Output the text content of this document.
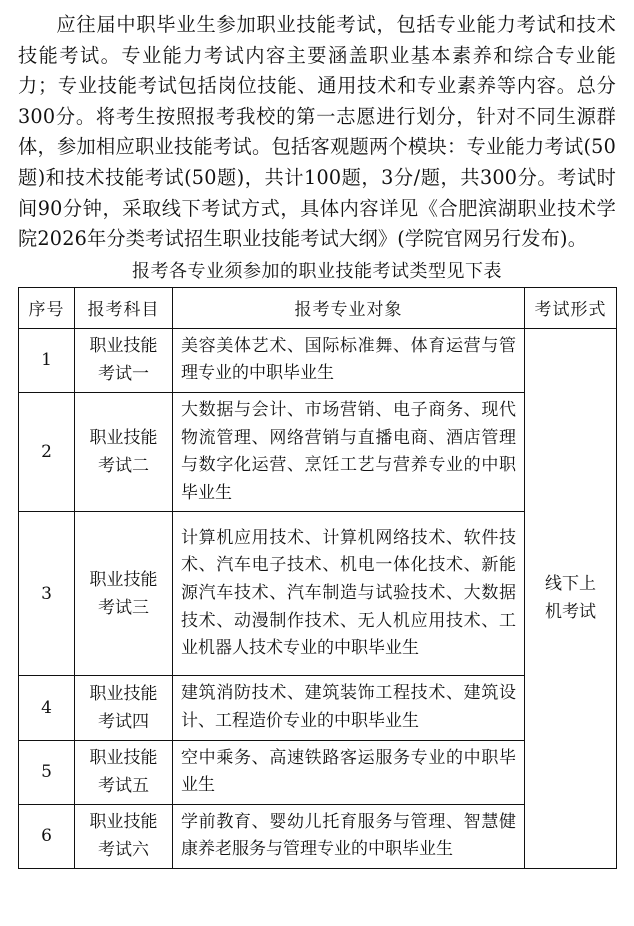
应往届中职毕业生参加职业技能考试，包括专业能力考试和技术技能考试。专业能力考试内容主要涵盖职业基本素养和综合专业能力；专业技能考试包括岗位技能、通用技术和专业素养等内容。总分300分。将考生按照报考我校的第一志愿进行划分，针对不同生源群体，参加相应职业技能考试。包括客观题两个模块：专业能力考试(50题)和技术技能考试(50题)，共计100题，3分/题，共300分。考试时间90分钟，采取线下考试方式，具体内容详见《合肥滨湖职业技术学院2026年分类考试招生职业技能考试大纲》(学院官网另行发布)。

报考各专业须参加的职业技能考试类型见下表
序号	报考科目	报考专业对象	考试形式
1	职业技能考试一	美容美体艺术、国际标准舞、体育运营与管理专业的中职毕业生	线下上机考试
2	职业技能考试二	大数据与会计、市场营销、电子商务、现代物流管理、网络营销与直播电商、酒店管理与数字化运营、烹饪工艺与营养专业的中职毕业生	
3	职业技能考试三	计算机应用技术、计算机网络技术、软件技术、汽车电子技术、机电一体化技术、新能源汽车技术、汽车制造与试验技术、大数据技术、动漫制作技术、无人机应用技术、工业机器人技术专业的中职毕业生	
4	职业技能考试四	建筑消防技术、建筑装饰工程技术、建筑设计、工程造价专业的中职毕业生	
5	职业技能考试五	空中乘务、高速铁路客运服务专业的中职毕业生	
6	职业技能考试六	学前教育、婴幼儿托育服务与管理、智慧健康养老服务与管理专业的中职毕业生	
